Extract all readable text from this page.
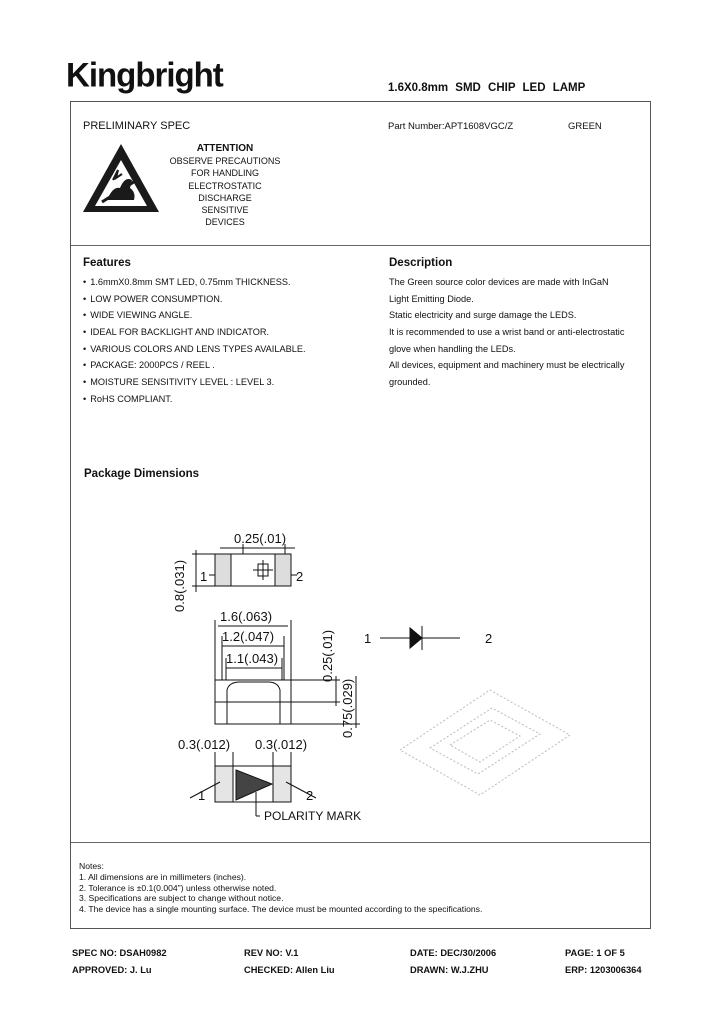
Kingbright	1.6X0.8mm SMD CHIP LED LAMP
PRELIMINARY SPEC	Part Number:APT1608VGC/Z	GREEN
ATTENTION
OBSERVE PRECAUTIONS
FOR HANDLING
ELECTROSTATIC
DISCHARGE
SENSITIVE
DEVICES
Features
• 1.6mmX0.8mm SMT LED, 0.75mm THICKNESS.
• LOW POWER CONSUMPTION.
• WIDE VIEWING ANGLE.
• IDEAL FOR BACKLIGHT AND INDICATOR.
• VARIOUS COLORS AND LENS TYPES AVAILABLE.
• PACKAGE: 2000PCS / REEL .
• MOISTURE SENSITIVITY LEVEL : LEVEL 3.
• RoHS COMPLIANT.
Description
The Green source color devices are made with InGaN
Light Emitting Diode.
Static electricity and surge damage the LEDS.
It is recommended to use a wrist band or anti-electrostatic
glove when handling the LEDs.
All devices, equipment and machinery must be electrically
grounded.
Package Dimensions
0.25(.01)
0.8(.031) 1	2
1.6(.063)
1.2(.047)
1.1(.043)	0.25(.01)
0.75(.029)
0.3(.012) 0.3(.012)
1	2
POLARITY MARK
1	2
Notes:
1. All dimensions are in millimeters (inches).
2. Tolerance is ±0.1(0.004") unless otherwise noted.
3. Specifications are subject to change without notice.
4. The device has a single mounting surface. The device must be mounted according to the specifications.
SPEC NO: DSAH0982	REV NO: V.1	DATE: DEC/30/2006	PAGE: 1 OF 5
APPROVED: J. Lu	CHECKED: Allen Liu	DRAWN: W.J.ZHU	ERP: 1203006364
